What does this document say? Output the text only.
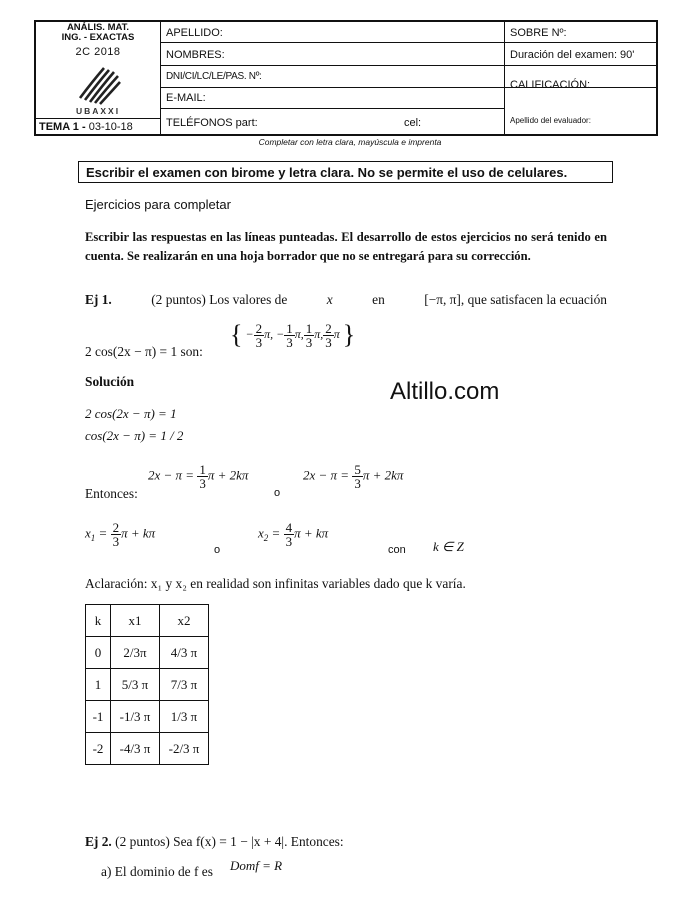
ANÁLIS. MAT.
ING. - EXACTAS
2C 2018
UBAXXI
TEMA 1 - 03-10-18
APELLIDO:
NOMBRES:
DNI/CI/LC/LE/PAS. Nº:
E-MAIL:
TELÉFONOS part:	cel:
SOBRE Nº:
Duración del examen: 90'
CALIFICACIÓN:
Apellido del evaluador:
Completar con letra clara, mayúscula e imprenta
Escribir el examen con birome y letra clara. No se permite el uso de celulares.
Ejercicios para completar
Escribir las respuestas en las líneas punteadas. El desarrollo de estos ejercicios no será tenido en cuenta. Se realizarán en una hoja borrador que no se entregará para su corrección.
Altillo.com
Ej 1.	(2 puntos) Los valores de	x	en	[−π, π], que satisfacen la ecuación
2 cos(2x − π) = 1 son:
{ − $\frac{2}{3} \pi$, − $\frac{1}{3} \pi$, $\frac{1}{3} \pi$, $\frac{2}{3}$ π }
Solución
2 cos(2x − π) = 1
cos(2x − π) = 1 / 2
Entonces:
$2x - \pi = \frac{1}{3}$ π + 2kπ
o
$2x - \pi = \frac{5}{3}$ π + 2kπ
$x_1 = \frac{2}{3}$ π + kπ
o
$x_2 = \frac{4}{3}$ π + kπ
con k ∈ Z
Aclaración: x₁ y x₂ en realidad son infinitas variables dado que k varía.
k	x1	x2
0	2/3π	4/3 π
1	5/3 π	7/3 π
-1	-1/3 π	1/3 π
-2	-4/3 π	-2/3 π
Ej 2. (2 puntos) Sea f(x) = 1 − |x + 4|. Entonces:
a) El dominio de f es Domf = R
